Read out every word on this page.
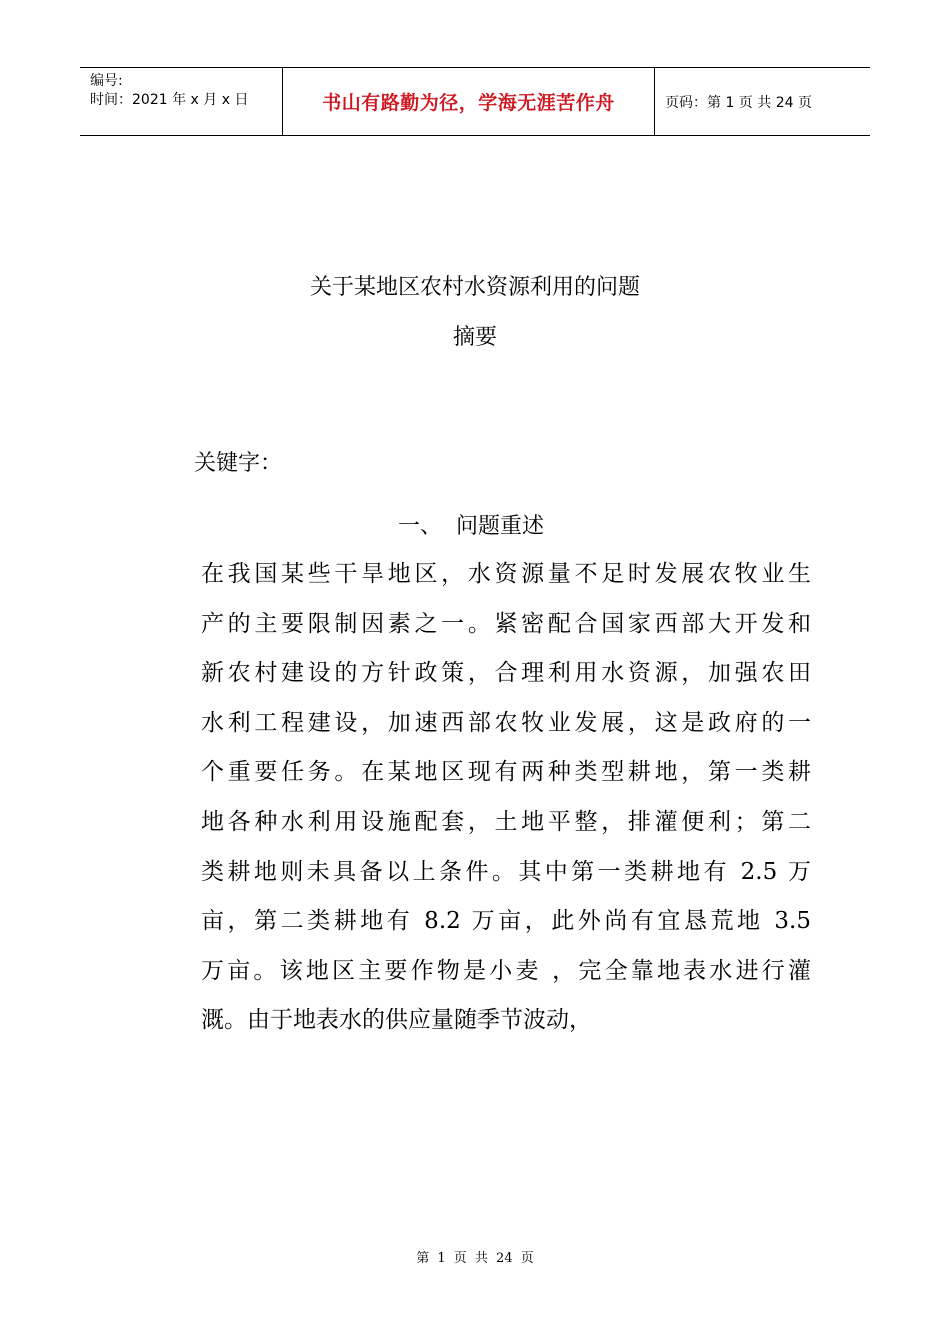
编号:
时间：2021 年 x 月 x 日	书山有路勤为径，学海无涯苦作舟	页码：第 1 页 共 24 页
关于某地区农村水资源利用的问题
摘要
关键字：
一、  问题重述
在我国某些干旱地区，水资源量不足时发展农牧业生
产的主要限制因素之一。紧密配合国家西部大开发和
新农村建设的方针政策，合理利用水资源，加强农田
水利工程建设，加速西部农牧业发展，这是政府的一
个重要任务。在某地区现有两种类型耕地，第一类耕
地各种水利用设施配套，土地平整，排灌便利；第二
类耕地则未具备以上条件。其中第一类耕地有 2.5 万
亩，第二类耕地有 8.2 万亩，此外尚有宜恳荒地 3.5
万亩。该地区主要作物是小麦 ，完全靠地表水进行灌
溉。由于地表水的供应量随季节波动，
第 1 页 共 24 页
